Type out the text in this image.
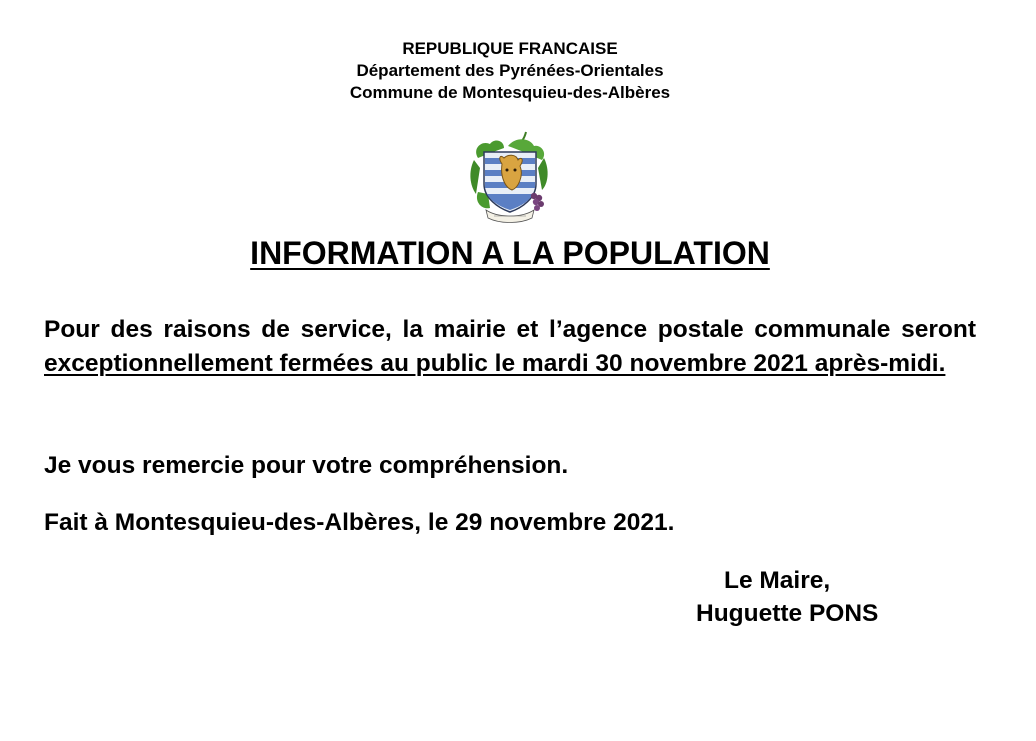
REPUBLIQUE FRANCAISE
Département des Pyrénées-Orientales
Commune de Montesquieu-des-Albères
INFORMATION A LA POPULATION
Pour des raisons de service, la mairie et l’agence postale communale seront exceptionnellement fermées au public le mardi 30 novembre 2021 après-midi.
Je vous remercie pour votre compréhension.
Fait à Montesquieu-des-Albères, le 29 novembre 2021.
Le Maire,
Huguette PONS
